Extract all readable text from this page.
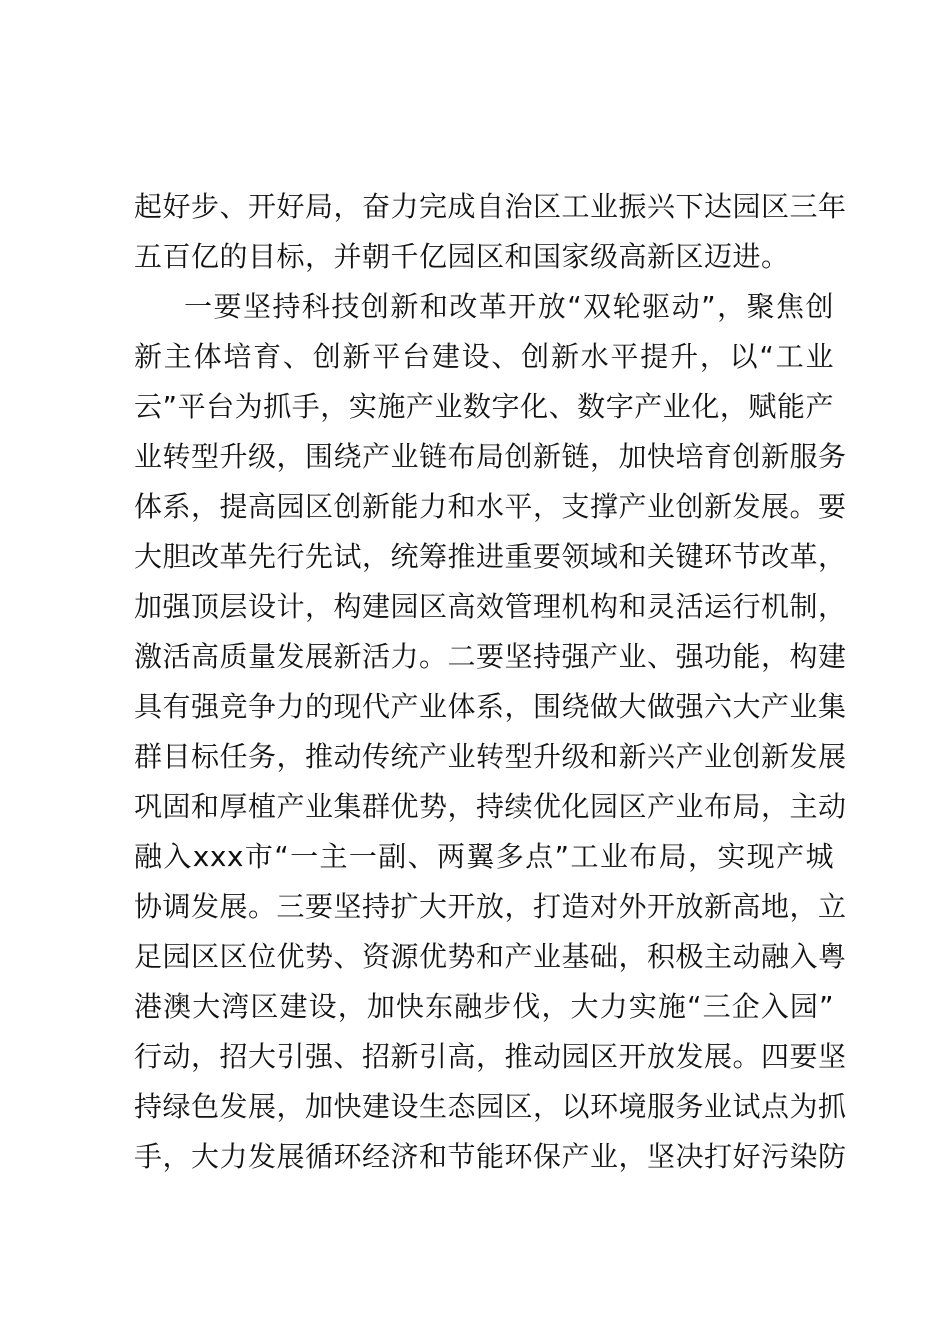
起好步、开好局，奋力完成自治区工业振兴下达园区三年
五百亿的目标，并朝千亿园区和国家级高新区迈进。
一要坚持科技创新和改革开放“双轮驱动”，聚焦创
新主体培育、创新平台建设、创新水平提升，以“工业
云”平台为抓手，实施产业数字化、数字产业化，赋能产
业转型升级，围绕产业链布局创新链，加快培育创新服务
体系，提高园区创新能力和水平，支撑产业创新发展。要
大胆改革先行先试，统筹推进重要领域和关键环节改革，
加强顶层设计，构建园区高效管理机构和灵活运行机制，
激活高质量发展新活力。二要坚持强产业、强功能，构建
具有强竞争力的现代产业体系，围绕做大做强六大产业集
群目标任务，推动传统产业转型升级和新兴产业创新发展
巩固和厚植产业集群优势，持续优化园区产业布局，主动
融入xxx市“一主一副、两翼多点”工业布局，实现产城
协调发展。三要坚持扩大开放，打造对外开放新高地，立
足园区区位优势、资源优势和产业基础，积极主动融入粤
港澳大湾区建设，加快东融步伐，大力实施“三企入园”
行动，招大引强、招新引高，推动园区开放发展。四要坚
持绿色发展，加快建设生态园区，以环境服务业试点为抓
手，大力发展循环经济和节能环保产业，坚决打好污染防
